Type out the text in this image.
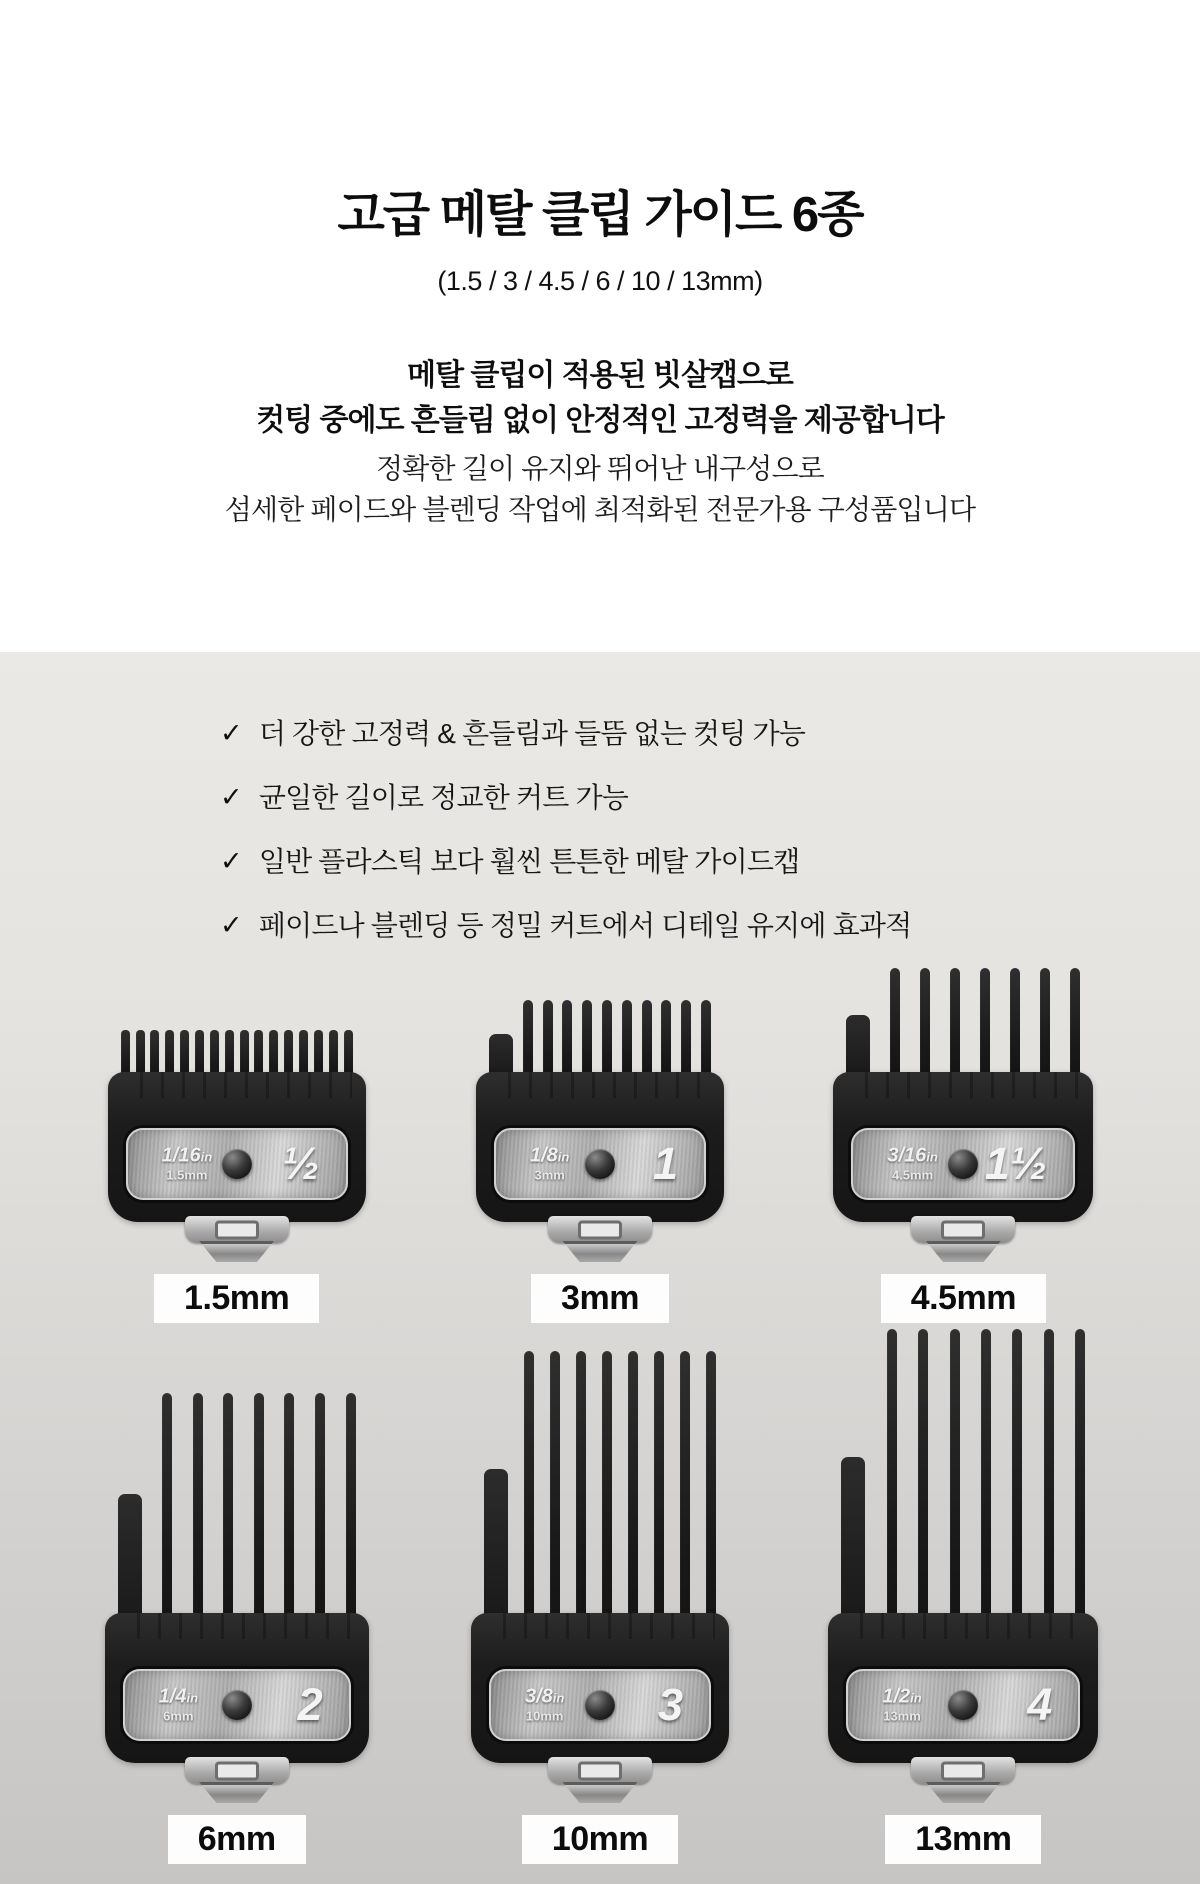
고급 메탈 클립 가이드 6종

(1.5 / 3 / 4.5 / 6 / 10 / 13mm)

메탈 클립이 적용된 빗살캡으로
컷팅 중에도 흔들림 없이 안정적인 고정력을 제공합니다

정확한 길이 유지와 뛰어난 내구성으로
섬세한 페이드와 블렌딩 작업에 최적화된 전문가용 구성품입니다

✓ 더 강한 고정력 & 흔들림과 들뜸 없는 컷팅 가능
✓ 균일한 길이로 정교한 커트 가능
✓ 일반 플라스틱 보다 훨씬 튼튼한 메탈 가이드캡
✓ 페이드나 블렌딩 등 정밀 커트에서 디테일 유지에 효과적
1/16in
1.5mm ½
1.5mm
1/8in
3mm 1
3mm
3/16in
4.5mm 1½
4.5mm
1/4in
6mm 2
6mm
3/8in
10mm 3
10mm
1/2in
13mm 4
13mm
